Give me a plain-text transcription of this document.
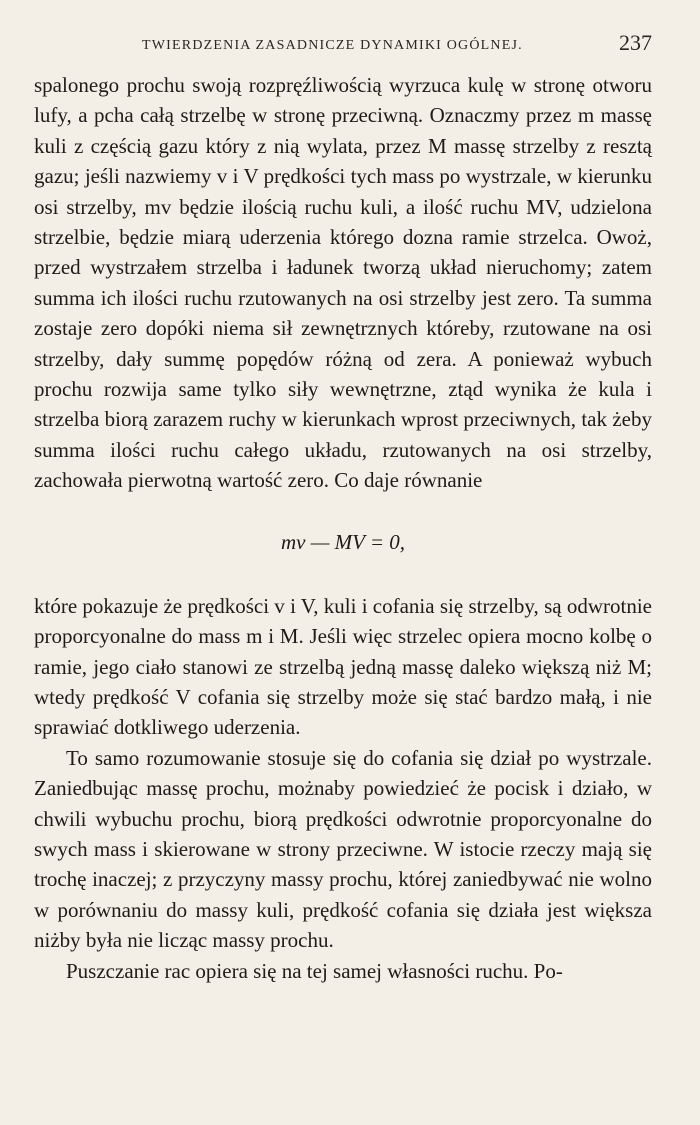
TWIERDZENIA ZASADNICZE DYNAMIKI OGÓLNEJ.	237

spalonego prochu swoją rozpręźliwością wyrzuca kulę w stronę otworu lufy, a pcha całą strzelbę w stronę przeciwną. Oznaczmy przez m massę kuli z częścią gazu który z nią wylata, przez M massę strzelby z resztą gazu; jeśli nazwiemy v i V prędkości tych mass po wystrzale, w kierunku osi strzelby, mv będzie ilością ruchu kuli, a ilość ruchu MV, udzielona strzelbie, będzie miarą uderzenia którego dozna ramie strzelca. Owoż, przed wystrzałem strzelba i ładunek tworzą układ nieruchomy; zatem summa ich ilości ruchu rzutowanych na osi strzelby jest zero. Ta summa zostaje zero dopóki niema sił zewnętrznych któreby, rzutowane na osi strzelby, dały summę popędów różną od zera. A ponieważ wybuch prochu rozwija same tylko siły wewnętrzne, ztąd wynika że kula i strzelba biorą zarazem ruchy w kierunkach wprost przeciwnych, tak żeby summa ilości ruchu całego układu, rzutowanych na osi strzelby, zachowała pierwotną wartość zero. Co daje równanie

mv — MV = 0,

które pokazuje że prędkości v i V, kuli i cofania się strzelby, są odwrotnie proporcyonalne do mass m i M. Jeśli więc strzelec opiera mocno kolbę o ramie, jego ciało stanowi ze strzelbą jedną massę daleko większą niż M; wtedy prędkość V cofania się strzelby może się stać bardzo małą, i nie sprawiać dotkliwego uderzenia.

To samo rozumowanie stosuje się do cofania się dział po wystrzale. Zaniedbując massę prochu, możnaby powiedzieć że pocisk i działo, w chwili wybuchu prochu, biorą prędkości odwrotnie proporcyonalne do swych mass i skierowane w strony przeciwne. W istocie rzeczy mają się trochę inaczej; z przyczyny massy prochu, której zaniedbywać nie wolno w porównaniu do massy kuli, prędkość cofania się działa jest większa niżby była nie licząc massy prochu.

Puszczanie rac opiera się na tej samej własności ruchu. Po-
